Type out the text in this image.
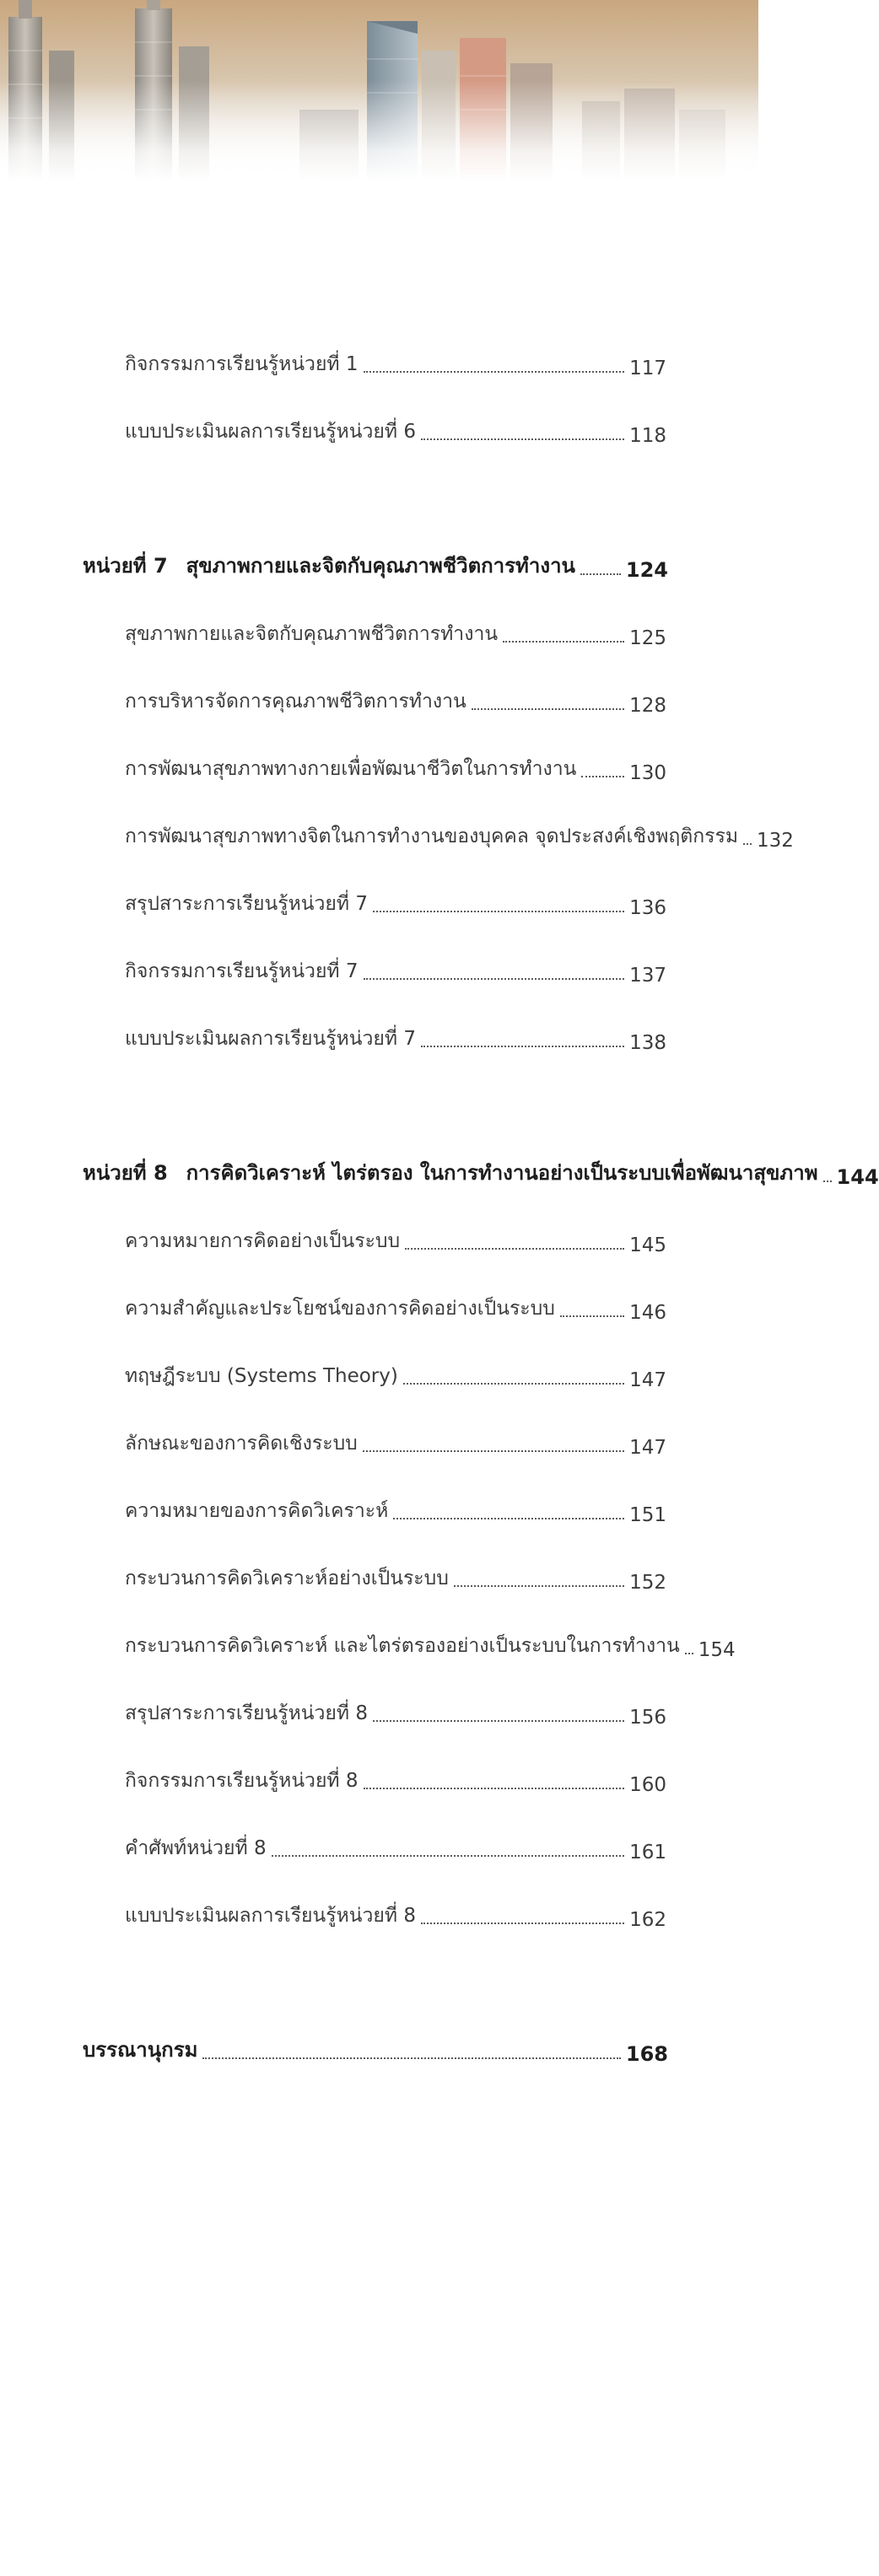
กิจกรรมการเรียนรู้หน่วยที่ 1	117
แบบประเมินผลการเรียนรู้หน่วยที่ 6	118
หน่วยที่ 7 สุขภาพกายและจิตกับคุณภาพชีวิตการทำงาน 124
สุขภาพกายและจิตกับคุณภาพชีวิตการทำงาน	125
การบริหารจัดการคุณภาพชีวิตการทำงาน	128
การพัฒนาสุขภาพทางกายเพื่อพัฒนาชีวิตในการทำงาน	130
การพัฒนาสุขภาพทางจิตในการทำงานของบุคคล จุดประสงค์เชิงพฤติกรรม 132
สรุปสาระการเรียนรู้หน่วยที่ 7	136
กิจกรรมการเรียนรู้หน่วยที่ 7	137
แบบประเมินผลการเรียนรู้หน่วยที่ 7	138
หน่วยที่ 8 การคิดวิเคราะห์ ไตร่ตรอง ในการทำงานอย่างเป็นระบบเพื่อพัฒนาสุขภาพ 144
ความหมายการคิดอย่างเป็นระบบ	145
ความสำคัญและประโยชน์ของการคิดอย่างเป็นระบบ	146
ทฤษฎีระบบ (Systems Theory)	147
ลักษณะของการคิดเชิงระบบ	147
ความหมายของการคิดวิเคราะห์	151
กระบวนการคิดวิเคราะห์อย่างเป็นระบบ	152
กระบวนการคิดวิเคราะห์ และไตร่ตรองอย่างเป็นระบบในการทำงาน 154
สรุปสาระการเรียนรู้หน่วยที่ 8	156
กิจกรรมการเรียนรู้หน่วยที่ 8	160
คำศัพท์หน่วยที่ 8	161
แบบประเมินผลการเรียนรู้หน่วยที่ 8	162
บรรณานุกรม	168
